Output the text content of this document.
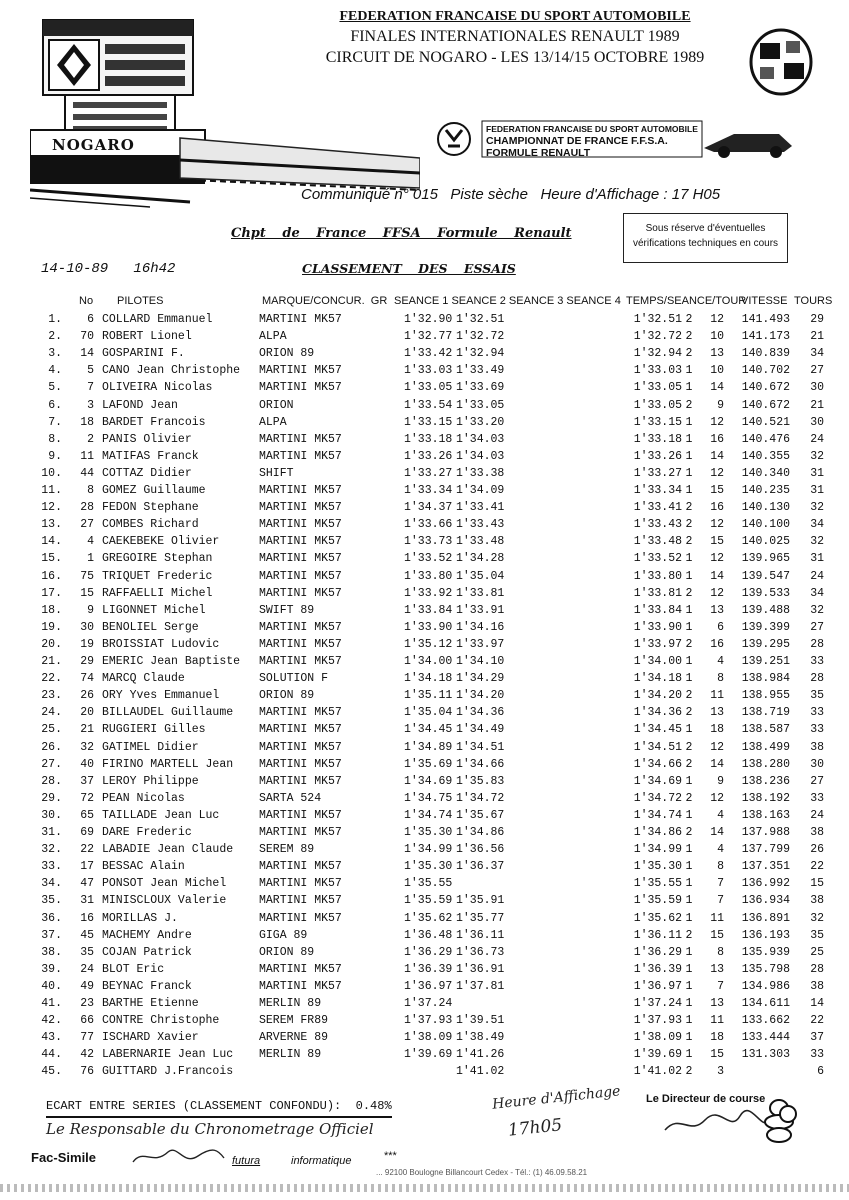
NOGARO
FEDERATION FRANCAISE DU SPORT AUTOMOBILE
FINALES INTERNATIONALES RENAULT 1989
CIRCUIT DE NOGARO - LES 13/14/15 OCTOBRE 1989
FEDERATION FRANCAISE DU SPORT AUTOMOBILE
CHAMPIONNAT DE FRANCE F.F.S.A.
FORMULE RENAULT
Communiqué n° 015   Piste sèche   Heure d'Affichage : 17 H05
Sous réserve d'éventuelles
vérifications techniques en cours
Chpt de France FFSA Formule Renault
14-10-89   16h42	CLASSEMENT DES ESSAIS
No PILOTES	MARQUE/CONCUR.  GR SEANCE 1 SEANCE 2 SEANCE 3 SEANCE 4 TEMPS/SEANCE/TOUR
VITESSE TOURS
1.	6 COLLARD Emmanuel	MARTINI MK57	1'32.90 1'32.51	1'32.51 2	12	141.493	29
2.	70 ROBERT Lionel	ALPA	1'32.77 1'32.72	1'32.72 2	10	141.173	21
3.	14 GOSPARINI F.	ORION 89	1'33.42 1'32.94	1'32.94 2	13	140.839	34
4.	5 CANO Jean Christophe MARTINI MK57	1'33.03 1'33.49	1'33.03 1	10	140.702	27
5.	7 OLIVEIRA Nicolas	MARTINI MK57	1'33.05 1'33.69	1'33.05 1	14	140.672	30
6.	3 LAFOND Jean	ORION	1'33.54 1'33.05	1'33.05 2	9	140.672	21
7.	18 BARDET Francois	ALPA	1'33.15 1'33.20	1'33.15 1	12	140.521	30
8.	2 PANIS Olivier	MARTINI MK57	1'33.18 1'34.03	1'33.18 1	16	140.476	24
9.	11 MATIFAS Franck	MARTINI MK57	1'33.26 1'34.03	1'33.26 1	14	140.355	32
10.	44 COTTAZ Didier	SHIFT	1'33.27 1'33.38	1'33.27 1	12	140.340	31
11.	8 GOMEZ Guillaume	MARTINI MK57	1'33.34 1'34.09	1'33.34 1	15	140.235	31
12.	28 FEDON Stephane	MARTINI MK57	1'34.37 1'33.41	1'33.41 2	16	140.130	32
13.	27 COMBES Richard	MARTINI MK57	1'33.66 1'33.43	1'33.43 2	12	140.100	34
14.	4 CAEKEBEKE Olivier	MARTINI MK57	1'33.73 1'33.48	1'33.48 2	15	140.025	32
15.	1 GREGOIRE Stephan	MARTINI MK57	1'33.52 1'34.28	1'33.52 1	12	139.965	31
16.	75 TRIQUET Frederic	MARTINI MK57	1'33.80 1'35.04	1'33.80 1	14	139.547	24
17.	15 RAFFAELLI Michel	MARTINI MK57	1'33.92 1'33.81	1'33.81 2	12	139.533	34
18.	9 LIGONNET Michel	SWIFT 89	1'33.84 1'33.91	1'33.84 1	13	139.488	32
19.	30 BENOLIEL Serge	MARTINI MK57	1'33.90 1'34.16	1'33.90 1	6	139.399	27
20.	19 BROISSIAT Ludovic	MARTINI MK57	1'35.12 1'33.97	1'33.97 2	16	139.295	28
21.	29 EMERIC Jean Baptiste MARTINI MK57	1'34.00 1'34.10	1'34.00 1	4	139.251	33
22.	74 MARCQ Claude	SOLUTION F	1'34.18 1'34.29	1'34.18 1	8	138.984	28
23.	26 ORY Yves Emmanuel	ORION 89	1'35.11 1'34.20	1'34.20 2	11	138.955	35
24.	20 BILLAUDEL Guillaume MARTINI MK57	1'35.04 1'34.36	1'34.36 2	13	138.719	33
25.	21 RUGGIERI Gilles	MARTINI MK57	1'34.45 1'34.49	1'34.45 1	18	138.587	33
26.	32 GATIMEL Didier	MARTINI MK57	1'34.89 1'34.51	1'34.51 2	12	138.499	38
27.	40 FIRINO MARTELL Jean MARTINI MK57	1'35.69 1'34.66	1'34.66 2	14	138.280	30
28.	37 LEROY Philippe	MARTINI MK57	1'34.69 1'35.83	1'34.69 1	9	138.236	27
29.	72 PEAN Nicolas	SARTA 524	1'34.75 1'34.72	1'34.72 2	12	138.192	33
30.	65 TAILLADE Jean Luc	MARTINI MK57	1'34.74 1'35.67	1'34.74 1	4	138.163	24
31.	69 DARE Frederic	MARTINI MK57	1'35.30 1'34.86	1'34.86 2	14	137.988	38
32.	22 LABADIE Jean Claude SEREM 89	1'34.99 1'36.56	1'34.99 1	4	137.799	26
33.	17 BESSAC Alain	MARTINI MK57	1'35.30 1'36.37	1'35.30 1	8	137.351	22
34.	47 PONSOT Jean Michel	MARTINI MK57	1'35.55	1'35.55 1	7	136.992	15
35.	31 MINISCLOUX Valerie	MARTINI MK57	1'35.59 1'35.91	1'35.59 1	7	136.934	38
36.	16 MORILLAS J.	MARTINI MK57	1'35.62 1'35.77	1'35.62 1	11	136.891	32
37.	45 MACHEMY Andre	GIGA 89	1'36.48 1'36.11	1'36.11 2	15	136.193	35
38.	35 COJAN Patrick	ORION 89	1'36.29 1'36.73	1'36.29 1	8	135.939	25
39.	24 BLOT Eric	MARTINI MK57	1'36.39 1'36.91	1'36.39 1	13	135.798	28
40.	49 BEYNAC Franck	MARTINI MK57	1'36.97 1'37.81	1'36.97 1	7	134.986	38
41.	23 BARTHE Etienne	MERLIN 89	1'37.24	1'37.24 1	13	134.611	14
42.	66 CONTRE Christophe	SEREM FR89	1'37.93 1'39.51	1'37.93 1	11	133.662	22
43.	77 ISCHARD Xavier	ARVERNE 89	1'38.09 1'38.49	1'38.09 1	18	133.444	37
44.	42 LABERNARIE Jean Luc MERLIN 89	1'39.69 1'41.26	1'39.69 1	15	131.303	33
45.	76 GUITTARD J.Francois	1'41.02	1'41.02 2	3	6
ECART ENTRE SERIES (CLASSEMENT CONFONDU):  0.48%
Le Responsable du Chronometrage Officiel
Heure d'Affichage
17h05
Le Directeur de course
Fac-Simile	futura	informatique	***
... 92100 Boulogne Billancourt Cedex - Tél.: (1) 46.09.58.21
